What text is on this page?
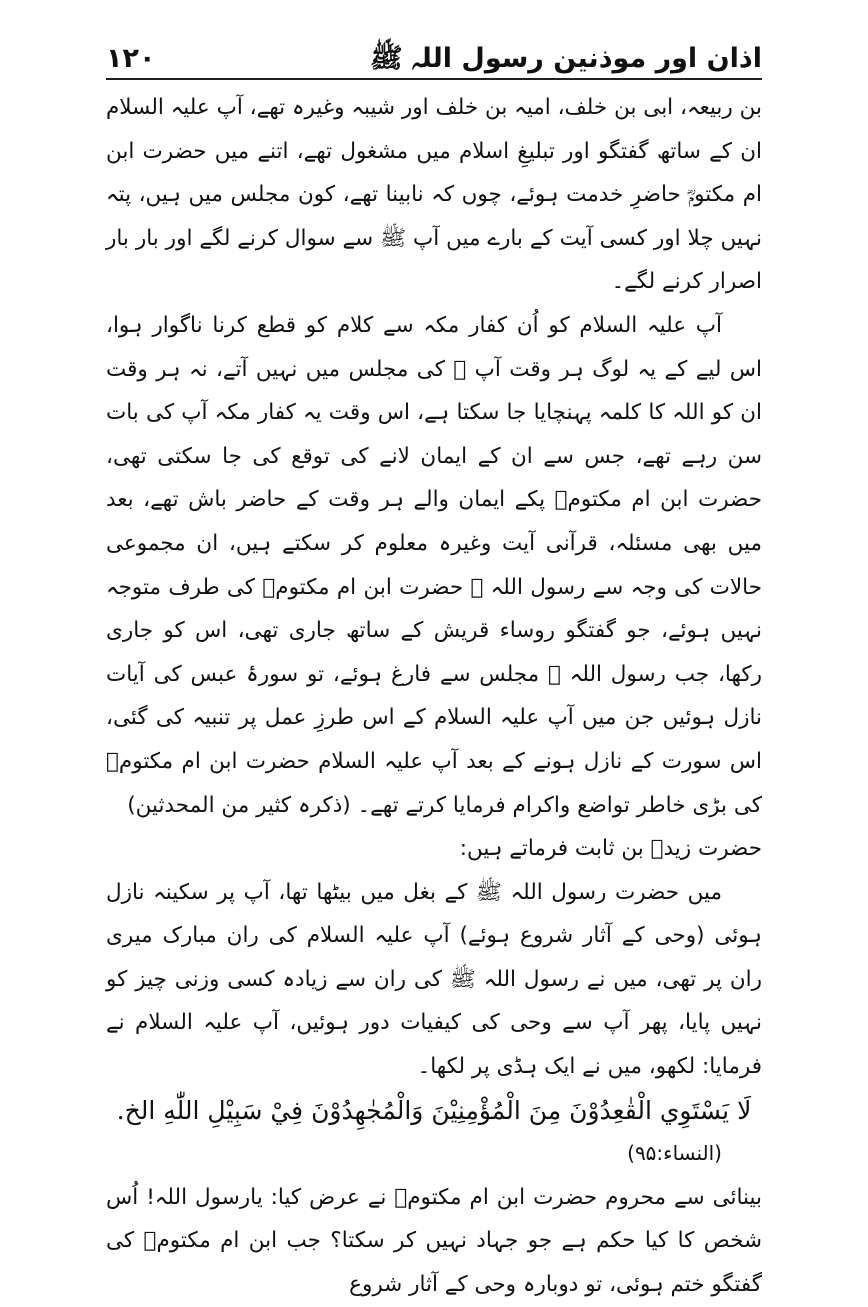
اذان اور موذنین رسول اللہ ﷺ
۱۲۰

بن ربیعہ، ابی بن خلف، امیہ بن خلف اور شیبہ وغیرہ تھے، آپ علیہ السلام ان کے ساتھ گفتگو اور تبلیغِ اسلام میں مشغول تھے، اتنے میں حضرت ابن ام مکتومؓ حاضرِ خدمت ہوئے، چوں کہ نابینا تھے، کون مجلس میں ہیں، پتہ نہیں چلا اور کسی آیت کے بارے میں آپ ﷺ سے سوال کرنے لگے اور بار بار اصرار کرنے لگے۔

آپ علیہ السلام کو اُن کفار مکہ سے کلام کو قطع کرنا ناگوار ہوا، اس لیے کے یہ لوگ ہر وقت آپ ﷺ کی مجلس میں نہیں آتے، نہ ہر وقت ان کو اللہ کا کلمہ پہنچایا جا سکتا ہے، اس وقت یہ کفار مکہ آپ کی بات سن رہے تھے، جس سے ان کے ایمان لانے کی توقع کی جا سکتی تھی، حضرت ابن ام مکتومؓ پکے ایمان والے ہر وقت کے حاضر باش تھے، بعد میں بھی مسئلہ، قرآنی آیت وغیرہ معلوم کر سکتے ہیں، ان مجموعی حالات کی وجہ سے رسول اللہ ﷺ حضرت ابن ام مکتومؓ کی طرف متوجہ نہیں ہوئے، جو گفتگو روساء قریش کے ساتھ جاری تھی، اس کو جاری رکھا، جب رسول اللہ ﷺ مجلس سے فارغ ہوئے، تو سورۂ عبس کی آیات نازل ہوئیں جن میں آپ علیہ السلام کے اس طرزِ عمل پر تنبیہ کی گئی، اس سورت کے نازل ہونے کے بعد آپ علیہ السلام حضرت ابن ام مکتومؓ کی بڑی خاطر تواضع واکرام فرمایا کرتے تھے۔ (ذکرہ کثیر من المحدثین)

حضرت زیدؓ بن ثابت فرماتے ہیں:

میں حضرت رسول اللہ ﷺ کے بغل میں بیٹھا تھا، آپ پر سکینہ نازل ہوئی (وحی کے آثار شروع ہوئے) آپ علیہ السلام کی ران مبارک میری ران پر تھی، میں نے رسول اللہ ﷺ کی ران سے زیادہ کسی وزنی چیز کو نہیں پایا، پھر آپ سے وحی کی کیفیات دور ہوئیں، آپ علیہ السلام نے فرمایا: لکھو، میں نے ایک ہڈی پر لکھا۔

لَا يَسْتَوِي الْقٰعِدُوْنَ مِنَ الْمُؤْمِنِيْنَ وَالْمُجٰهِدُوْنَ فِيْ سَبِيْلِ اللّٰهِ الخ.

(النساء:۹۵)

بینائی سے محروم حضرت ابن ام مکتومؓ نے عرض کیا: یارسول اللہ! اُس شخص کا کیا حکم ہے جو جہاد نہیں کر سکتا؟ جب ابن ام مکتومؓ کی گفتگو ختم ہوئی، تو دوبارہ وحی کے آثار شروع
